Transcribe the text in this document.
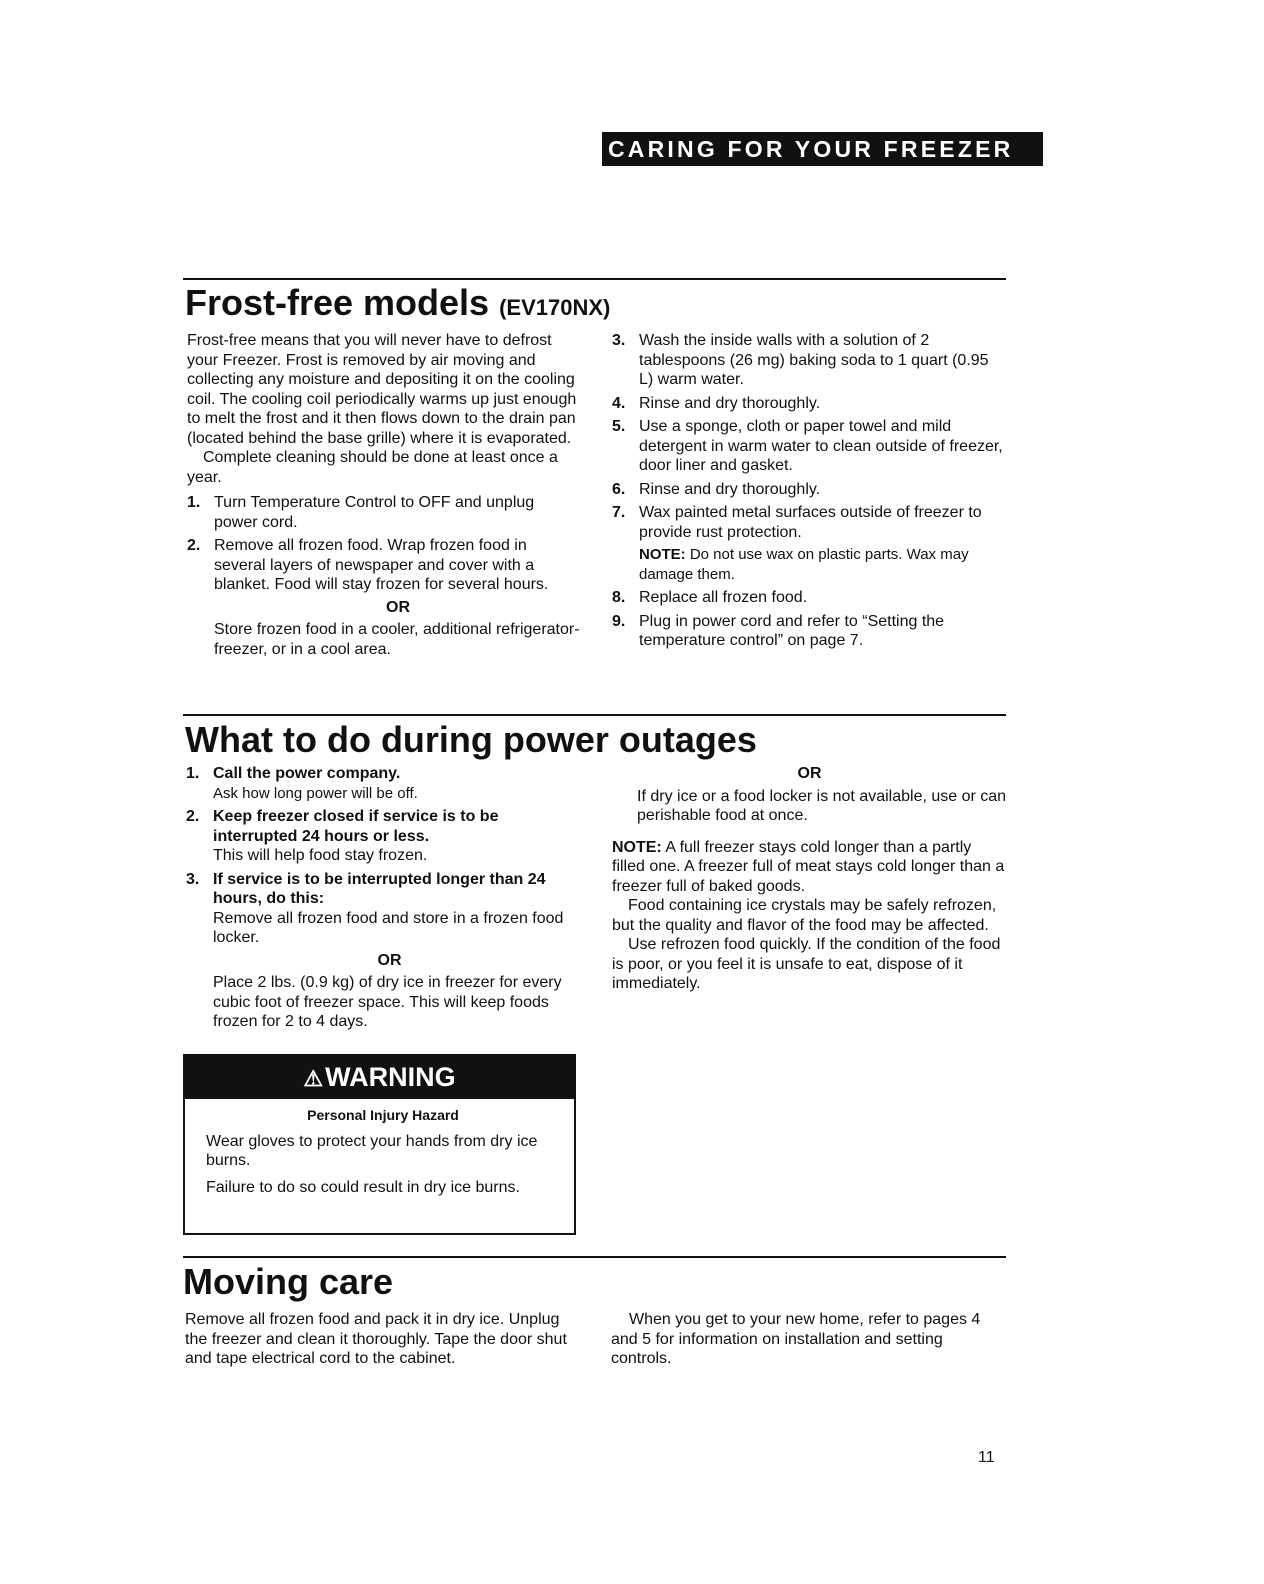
CARING FOR YOUR FREEZER
Frost-free models (EV170NX)

Frost-free means that you will never have to defrost your Freezer. Frost is removed by air moving and collecting any moisture and depositing it on the cooling coil. The cooling coil periodically warms up just enough to melt the frost and it then flows down to the drain pan (located behind the base grille) where it is evaporated.

Complete cleaning should be done at least once a year.

1. Turn Temperature Control to OFF and unplug power cord.
2. Remove all frozen food. Wrap frozen food in several layers of newspaper and cover with a blanket. Food will stay frozen for several hours.
OR
Store frozen food in a cooler, additional refrigerator-freezer, or in a cool area.
3. Wash the inside walls with a solution of 2 tablespoons (26 mg) baking soda to 1 quart (0.95 L) warm water.
4. Rinse and dry thoroughly.
5. Use a sponge, cloth or paper towel and mild detergent in warm water to clean outside of freezer, door liner and gasket.
6. Rinse and dry thoroughly.
7. Wax painted metal surfaces outside of freezer to provide rust protection.
NOTE: Do not use wax on plastic parts. Wax may damage them.
8. Replace all frozen food.
9. Plug in power cord and refer to “Setting the temperature control” on page 7.
What to do during power outages
1. Call the power company.
Ask how long power will be off.
2. Keep freezer closed if service is to be interrupted 24 hours or less.
This will help food stay frozen.
3. If service is to be interrupted longer than 24 hours, do this:
Remove all frozen food and store in a frozen food locker.
OR
Place 2 lbs. (0.9 kg) of dry ice in freezer for every cubic foot of freezer space. This will keep foods frozen for 2 to 4 days.
OR
If dry ice or a food locker is not available, use or can perishable food at once.

NOTE: A full freezer stays cold longer than a partly filled one. A freezer full of meat stays cold longer than a freezer full of baked goods.

Food containing ice crystals may be safely refrozen, but the quality and flavor of the food may be affected.

Use refrozen food quickly. If the condition of the food is poor, or you feel it is unsafe to eat, dispose of it immediately.

⚠WARNING
Personal Injury Hazard

Wear gloves to protect your hands from dry ice burns.

Failure to do so could result in dry ice burns.

Moving care
Remove all frozen food and pack it in dry ice. Unplug the freezer and clean it thoroughly. Tape the door shut and tape electrical cord to the cabinet.
When you get to your new home, refer to pages 4 and 5 for information on installation and setting controls.
11
